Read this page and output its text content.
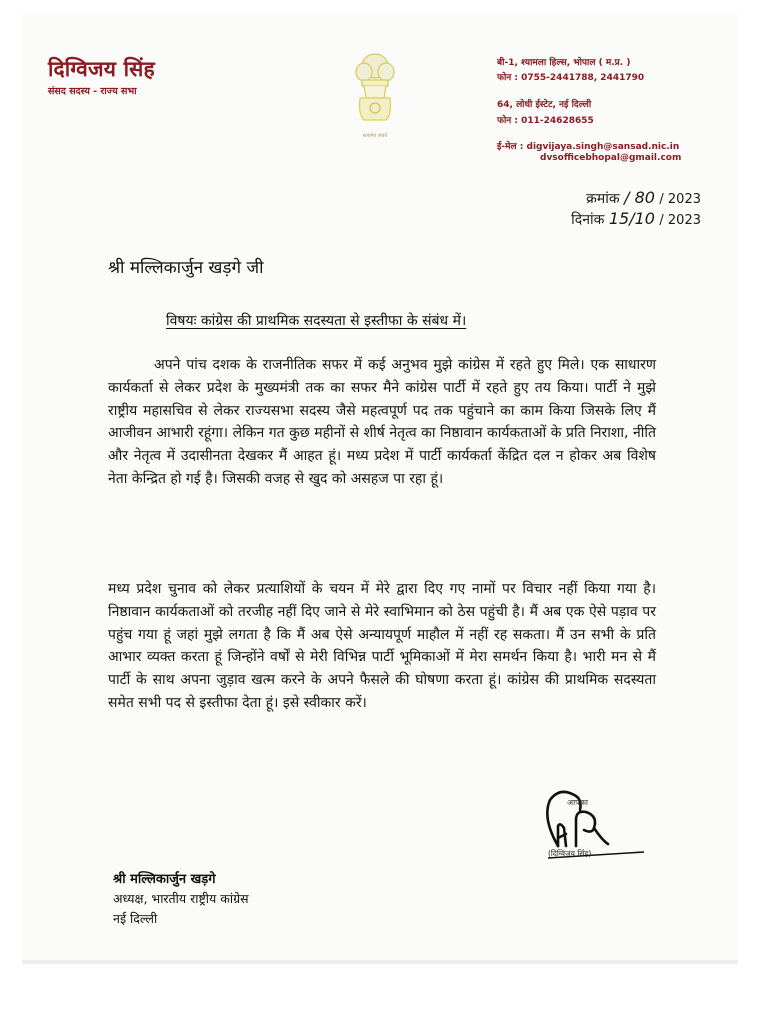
दिग्विजय सिंह
संसद सदस्य - राज्य सभा
सत्यमेव जयते
बी-1, श्यामला हिल्स, भोपाल ( म.प्र. )
फोन : 0755-2441788, 2441790
64, लोधी ईस्टेट, नई दिल्ली
फोन : 011-24628655
ई-मेल : digvijaya.singh@sansad.nic.in
dvsofficebhopal@gmail.com
क्रमांक / 80 / 2023
दिनांक 15/10 / 2023
श्री मल्लिकार्जुन खड़गे जी
विषयः कांग्रेस की प्राथमिक सदस्यता से इस्तीफा के संबंध में।
अपने पांच दशक के राजनीतिक सफर में कई अनुभव मुझे कांग्रेस में रहते हुए मिले। एक साधारण कार्यकर्ता से लेकर प्रदेश के मुख्यमंत्री तक का सफर मैने कांग्रेस पार्टी में रहते हुए तय किया। पार्टी ने मुझे राष्ट्रीय महासचिव से लेकर राज्यसभा सदस्य जैसे महत्वपूर्ण पद तक पहुंचाने का काम किया जिसके लिए मैं आजीवन आभारी रहूंगा। लेकिन गत कुछ महीनों से शीर्ष नेतृत्व का निष्ठावान कार्यकताओं के प्रति निराशा, नीति और नेतृत्व में उदासीनता देखकर मैं आहत हूं। मध्य प्रदेश में पार्टी कार्यकर्ता केंद्रित दल न होकर अब विशेष नेता केन्द्रित हो गई है। जिसकी वजह से खुद को असहज पा रहा हूं।
मध्य प्रदेश चुनाव को लेकर प्रत्याशियों के चयन में मेरे द्वारा दिए गए नामों पर विचार नहीं किया गया है। निष्ठावान कार्यकताओं को तरजीह नहीं दिए जाने से मेरे स्वाभिमान को ठेस पहुंची है। मैं अब एक ऐसे पड़ाव पर पहुंच गया हूं जहां मुझे लगता है कि मैं अब ऐसे अन्यायपूर्ण माहौल में नहीं रह सकता। मैं उन सभी के प्रति आभार व्यक्त करता हूं जिन्होंने वर्षों से मेरी विभिन्न पार्टी भूमिकाओं में मेरा समर्थन किया है। भारी मन से मैं पार्टी के साथ अपना जुड़ाव खत्म करने के अपने फैसले की घोषणा करता हूं। कांग्रेस की प्राथमिक सदस्यता समेत सभी पद से इस्तीफा देता हूं। इसे स्वीकार करें।
आपका
(दिग्विजय सिंह)
श्री मल्लिकार्जुन खड़गे
अध्यक्ष, भारतीय राष्ट्रीय कांग्रेस
नई दिल्ली
